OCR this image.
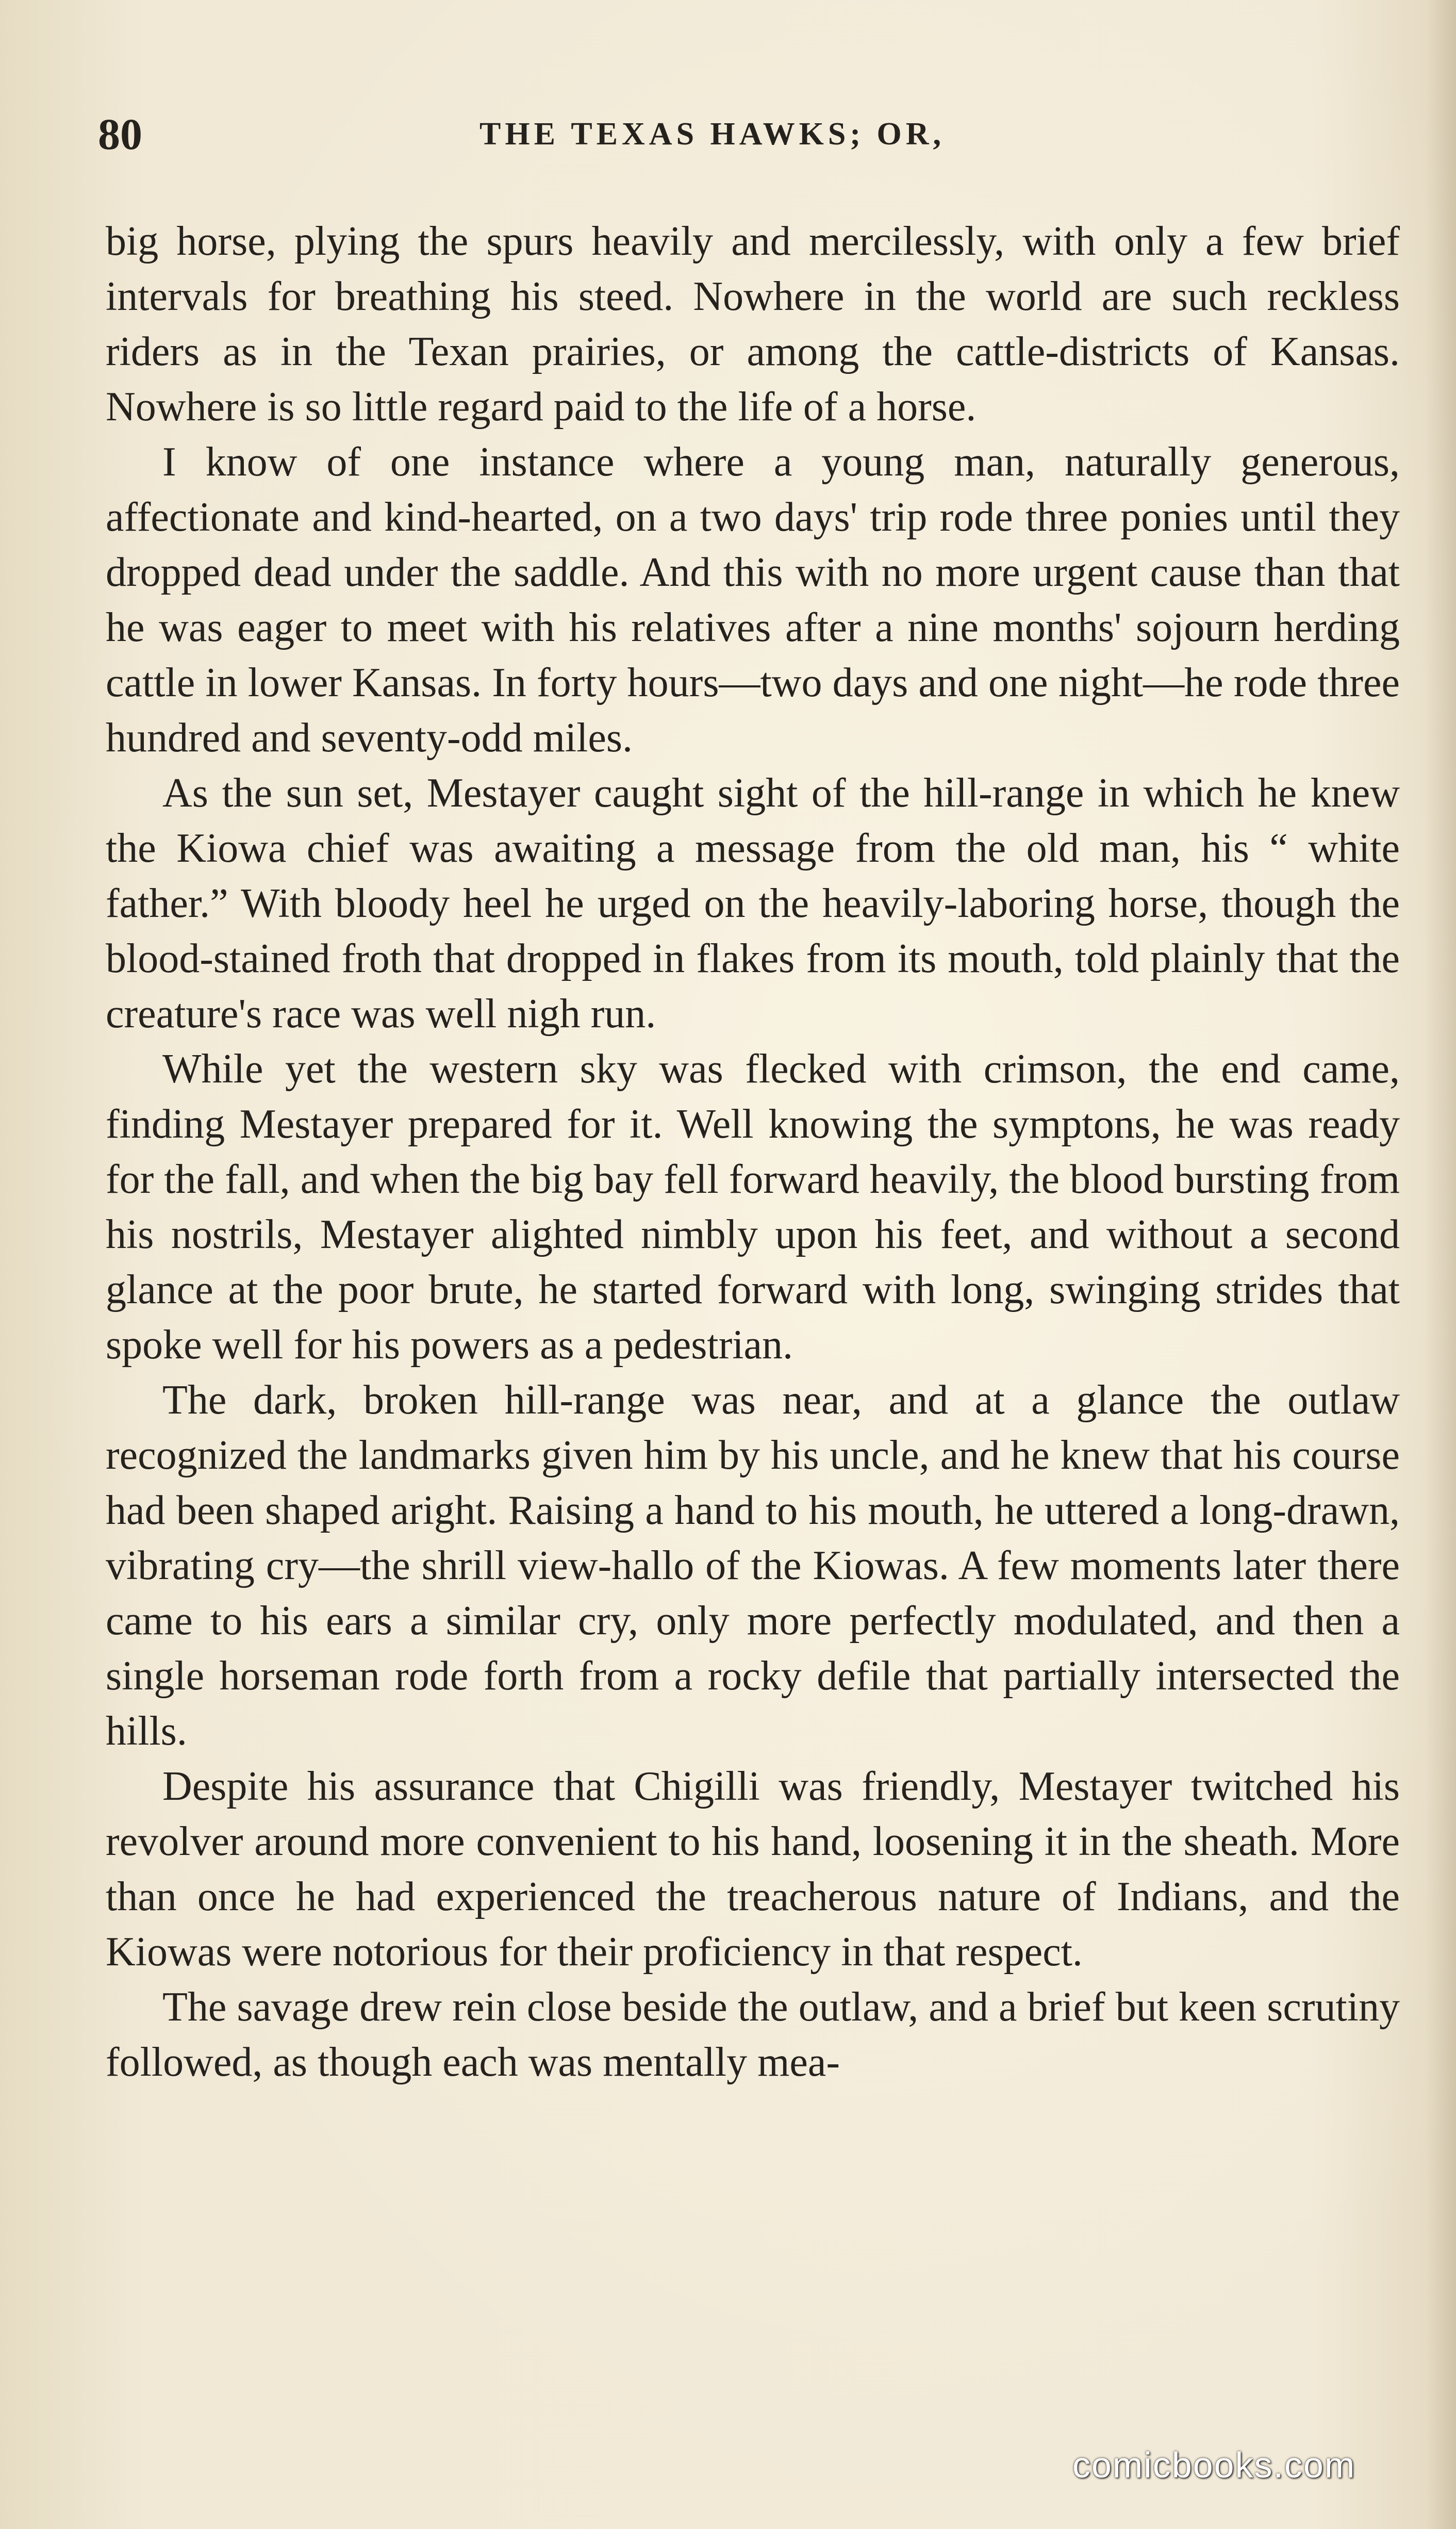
80	THE TEXAS HAWKS; OR,

big horse, plying the spurs heavily and mercilessly, with only a few brief intervals for breathing his steed. Nowhere in the world are such reckless riders as in the Texan prairies, or among the cattle-districts of Kansas. Nowhere is so little regard paid to the life of a horse.

I know of one instance where a young man, naturally generous, affectionate and kind-hearted, on a two days' trip rode three ponies until they dropped dead under the saddle. And this with no more urgent cause than that he was eager to meet with his relatives after a nine months' sojourn herding cattle in lower Kansas. In forty hours—two days and one night—he rode three hundred and seventy-odd miles.

As the sun set, Mestayer caught sight of the hill-range in which he knew the Kiowa chief was awaiting a message from the old man, his “ white father.” With bloody heel he urged on the heavily-laboring horse, though the blood-stained froth that dropped in flakes from its mouth, told plainly that the creature's race was well nigh run.

While yet the western sky was flecked with crimson, the end came, finding Mestayer prepared for it. Well knowing the symptons, he was ready for the fall, and when the big bay fell forward heavily, the blood bursting from his nostrils, Mestayer alighted nimbly upon his feet, and without a second glance at the poor brute, he started forward with long, swinging strides that spoke well for his powers as a pedestrian.

The dark, broken hill-range was near, and at a glance the outlaw recognized the landmarks given him by his uncle, and he knew that his course had been shaped aright. Raising a hand to his mouth, he uttered a long-drawn, vibrating cry—the shrill view-hallo of the Kiowas. A few moments later there came to his ears a similar cry, only more perfectly modulated, and then a single horseman rode forth from a rocky defile that partially intersected the hills.

Despite his assurance that Chigilli was friendly, Mestayer twitched his revolver around more convenient to his hand, loosening it in the sheath. More than once he had experienced the treacherous nature of Indians, and the Kiowas were notorious for their proficiency in that respect.

The savage drew rein close beside the outlaw, and a brief but keen scrutiny followed, as though each was mentally mea-

comicbooks.com
